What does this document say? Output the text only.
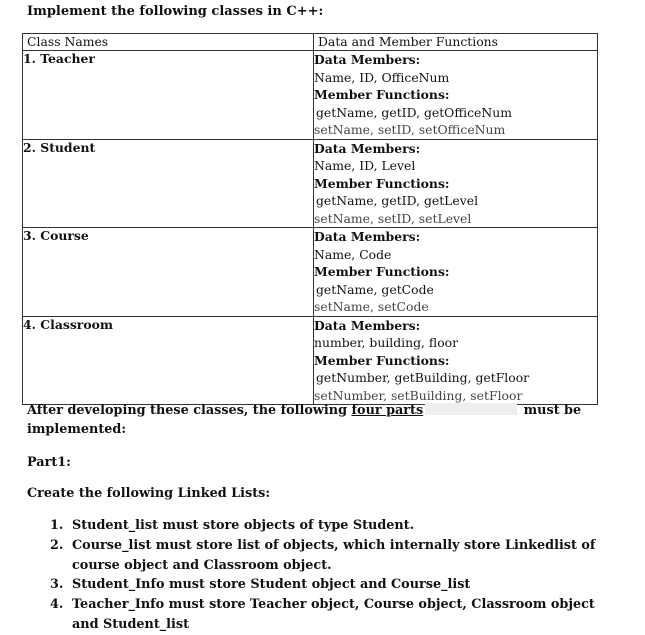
Implement the following classes in C++:
Class Names	Data and Member Functions
1. Teacher	Data Members:
Name, ID, OfficeNum
Member Functions:
getName, getID, getOfficeNum
setName, setID, setOfficeNum

2. Student	Data Members:
Name, ID, Level
Member Functions:
getName, getID, getLevel
setName, setID, setLevel

3. Course	Data Members:
Name, Code
Member Functions:
getName, getCode
setName, setCode

4. Classroom	Data Members:
number, building, floor
Member Functions:
getNumber, getBuilding, getFloor
setNumber, setBuilding, setFloor
After developing these classes, the following four parts	must be
implemented:
Part1:
Create the following Linked Lists:
1. Student_list must store objects of type Student.
2. Course_list must store list of objects, which internally store Linkedlist of course object and Classroom object.
3. Student_Info must store Student object and Course_list
4. Teacher_Info must store Teacher object, Course object, Classroom object and Student_list
